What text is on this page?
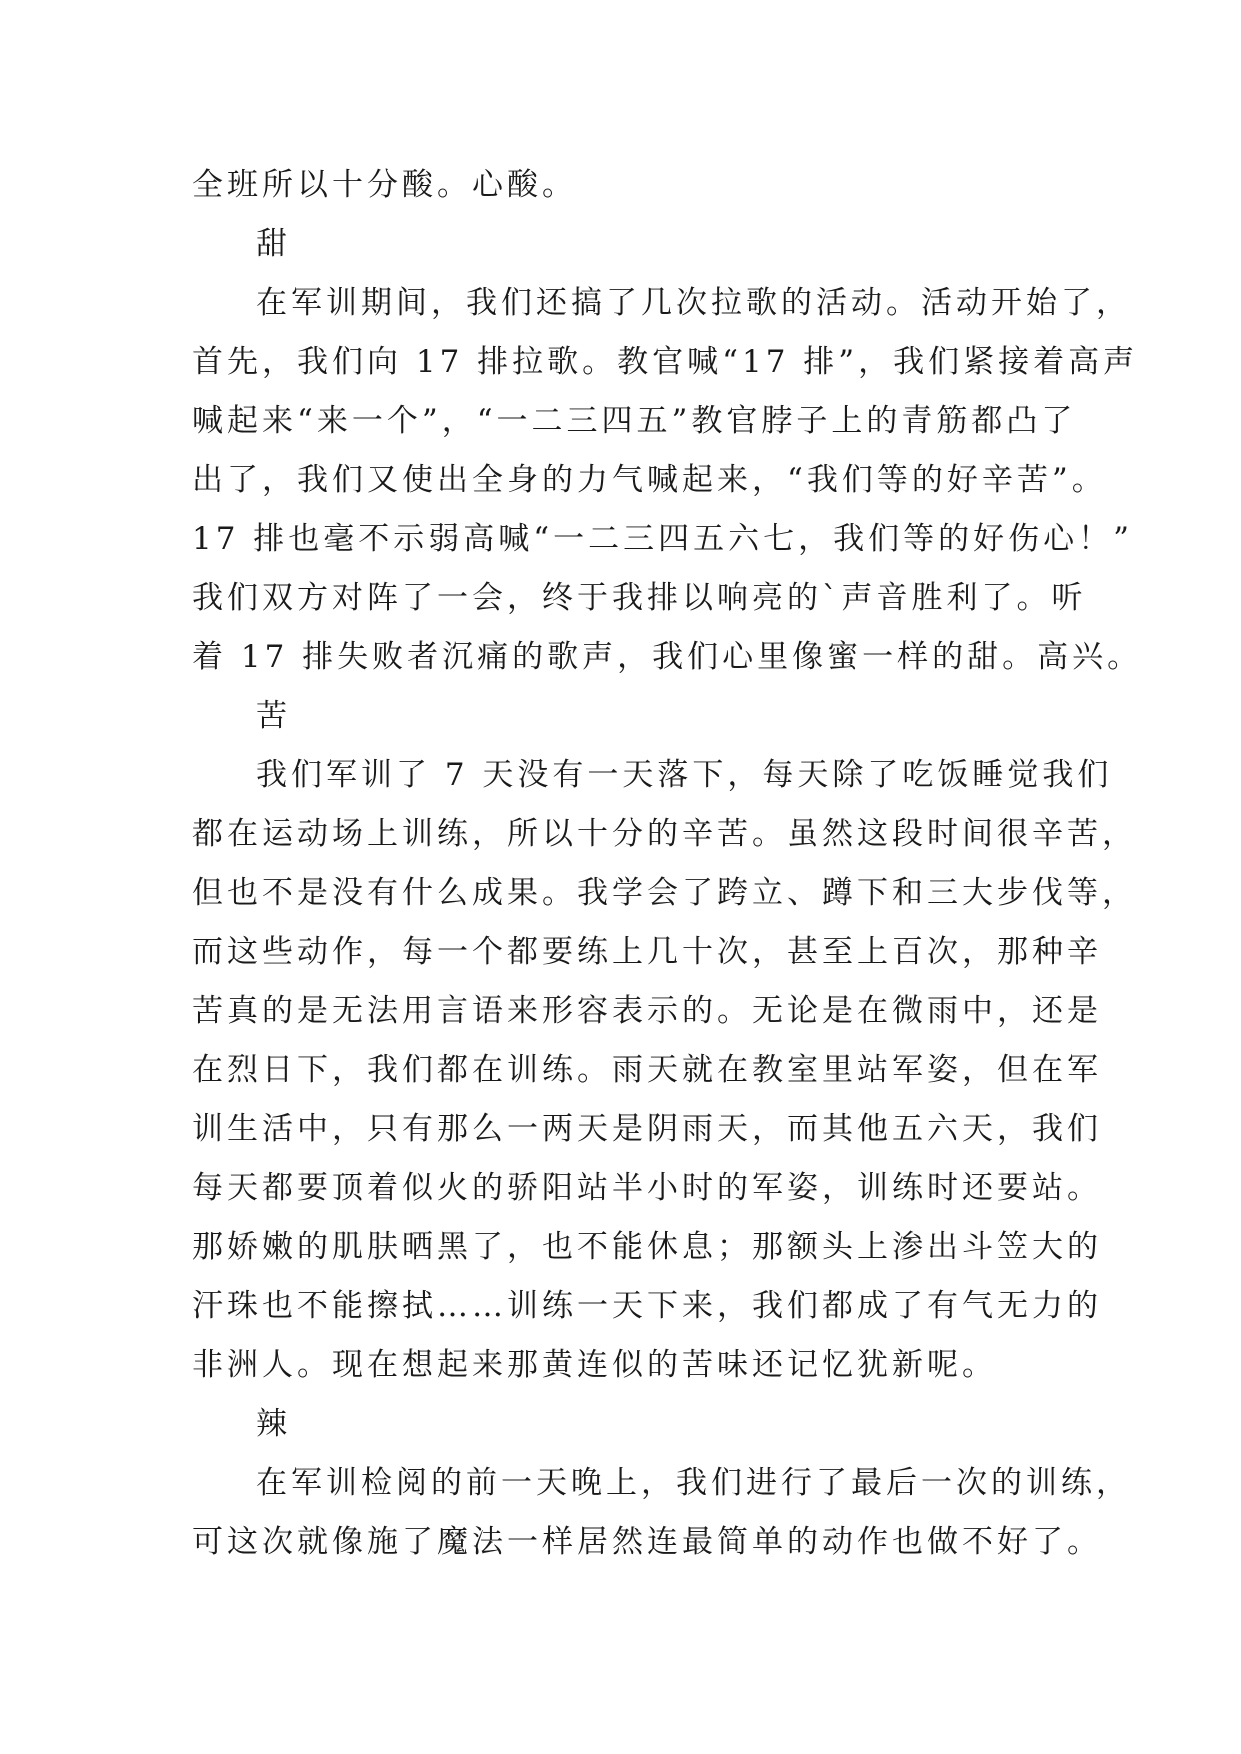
全班所以十分酸。心酸。
甜
在军训期间，我们还搞了几次拉歌的活动。活动开始了，
首先，我们向 17 排拉歌。教官喊“17 排”，我们紧接着高声
喊起来“来一个”，“一二三四五”教官脖子上的青筋都凸了
出了，我们又使出全身的力气喊起来，“我们等的好辛苦”。
17 排也毫不示弱高喊“一二三四五六七，我们等的好伤心！”
我们双方对阵了一会，终于我排以响亮的`声音胜利了。听
着 17 排失败者沉痛的歌声，我们心里像蜜一样的甜。高兴。
苦
我们军训了 7 天没有一天落下，每天除了吃饭睡觉我们
都在运动场上训练，所以十分的辛苦。虽然这段时间很辛苦，
但也不是没有什么成果。我学会了跨立、蹲下和三大步伐等，
而这些动作，每一个都要练上几十次，甚至上百次，那种辛
苦真的是无法用言语来形容表示的。无论是在微雨中，还是
在烈日下，我们都在训练。雨天就在教室里站军姿，但在军
训生活中，只有那么一两天是阴雨天，而其他五六天，我们
每天都要顶着似火的骄阳站半小时的军姿，训练时还要站。
那娇嫩的肌肤晒黑了，也不能休息；那额头上渗出斗笠大的
汗珠也不能擦拭……训练一天下来，我们都成了有气无力的
非洲人。现在想起来那黄连似的苦味还记忆犹新呢。
辣
在军训检阅的前一天晚上，我们进行了最后一次的训练，
可这次就像施了魔法一样居然连最简单的动作也做不好了。
